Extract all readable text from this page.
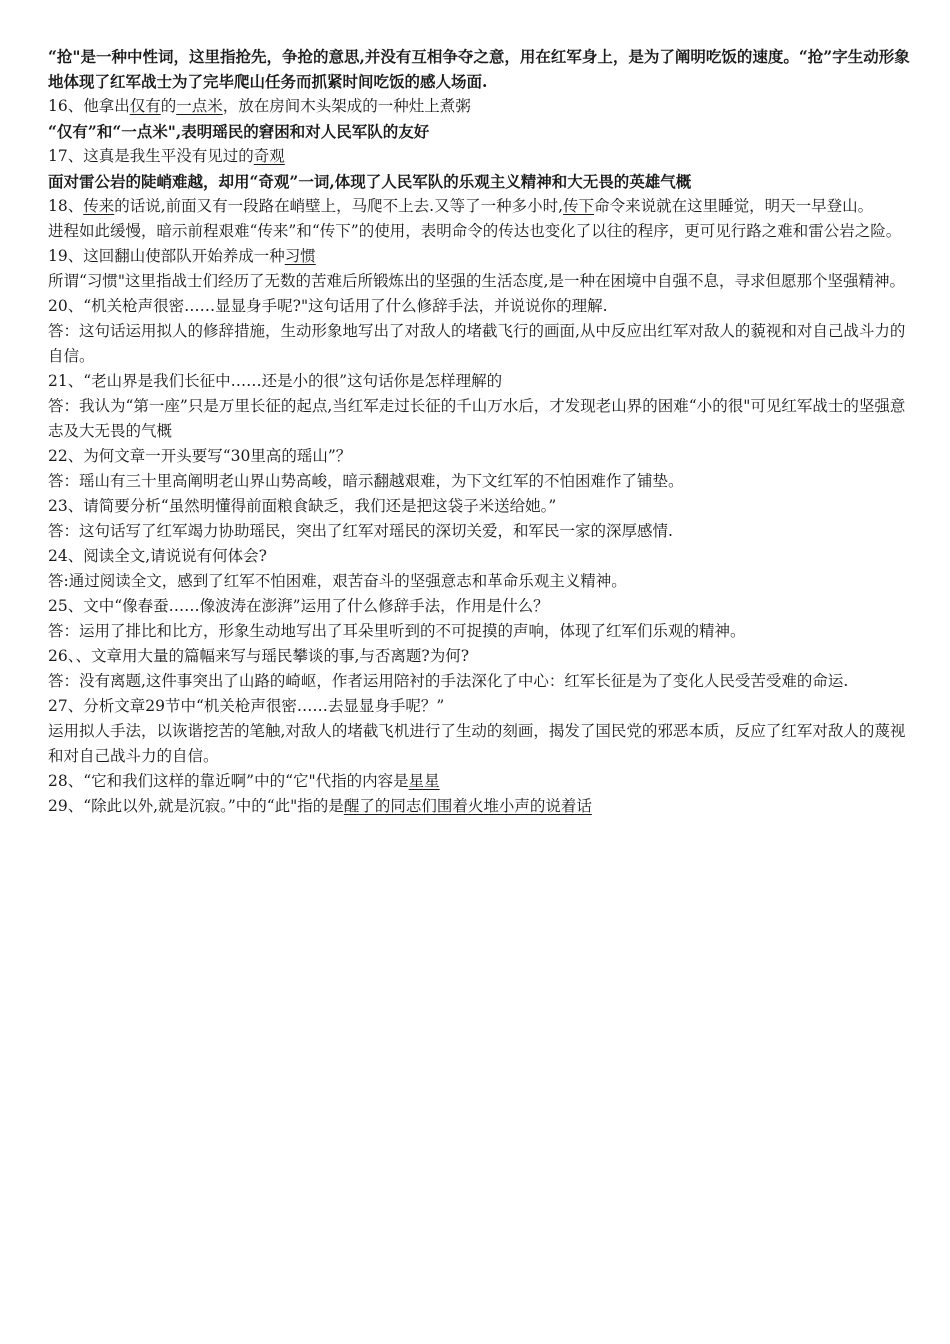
“抢"是一种中性词，这里指抢先，争抢的意思,并没有互相争夺之意，用在红军身上，是为了阐明吃饭的速度。“抢”字生动形象地体现了红军战士为了完毕爬山任务而抓紧时间吃饭的感人场面.

16、他拿出仅有的一点米，放在房间木头架成的一种灶上煮粥

“仅有”和“一点米",表明瑶民的窘困和对人民军队的友好

17、这真是我生平没有见过的奇观

面对雷公岩的陡峭难越，却用“奇观”一词,体现了人民军队的乐观主义精神和大无畏的英雄气概

18、传来的话说,前面又有一段路在峭壁上，马爬不上去.又等了一种多小时,传下命令来说就在这里睡觉，明天一早登山。

进程如此缓慢，暗示前程艰难“传来”和“传下”的使用，表明命令的传达也变化了以往的程序，更可见行路之难和雷公岩之险。

19、这回翻山使部队开始养成一种习惯

所谓“习惯"这里指战士们经历了无数的苦难后所锻炼出的坚强的生活态度,是一种在困境中自强不息，寻求但愿那个坚强精神。

20、“机关枪声很密……显显身手呢?"这句话用了什么修辞手法，并说说你的理解.

答：这句话运用拟人的修辞措施，生动形象地写出了对敌人的堵截飞行的画面,从中反应出红军对敌人的藐视和对自己战斗力的自信。

21、“老山界是我们长征中……还是小的很”这句话你是怎样理解的

答：我认为“第一座”只是万里长征的起点,当红军走过长征的千山万水后，才发现老山界的困难“小的很"可见红军战士的坚强意志及大无畏的气概

22、为何文章一开头要写“30里高的瑶山”？

答：瑶山有三十里高阐明老山界山势高峻，暗示翻越艰难，为下文红军的不怕困难作了铺垫。

23、请简要分析“虽然明懂得前面粮食缺乏，我们还是把这袋子米送给她。”

答：这句话写了红军竭力协助瑶民，突出了红军对瑶民的深切关爱，和军民一家的深厚感情.

24、阅读全文,请说说有何体会?

答:通过阅读全文，感到了红军不怕困难，艰苦奋斗的坚强意志和革命乐观主义精神。

25、文中“像春蚕……像波涛在澎湃”运用了什么修辞手法，作用是什么？

答：运用了排比和比方，形象生动地写出了耳朵里听到的不可捉摸的声响，体现了红军们乐观的精神。

26、、文章用大量的篇幅来写与瑶民攀谈的事,与否离题?为何?

答：没有离题,这件事突出了山路的崎岖，作者运用陪衬的手法深化了中心：红军长征是为了变化人民受苦受难的命运.

27、分析文章29节中“机关枪声很密……去显显身手呢？”

运用拟人手法，以诙谐挖苦的笔触,对敌人的堵截飞机进行了生动的刻画，揭发了国民党的邪恶本质，反应了红军对敌人的蔑视和对自己战斗力的自信。

28、“它和我们这样的靠近啊”中的“它"代指的内容是星星

29、“除此以外,就是沉寂。”中的“此"指的是醒了的同志们围着火堆小声的说着话
